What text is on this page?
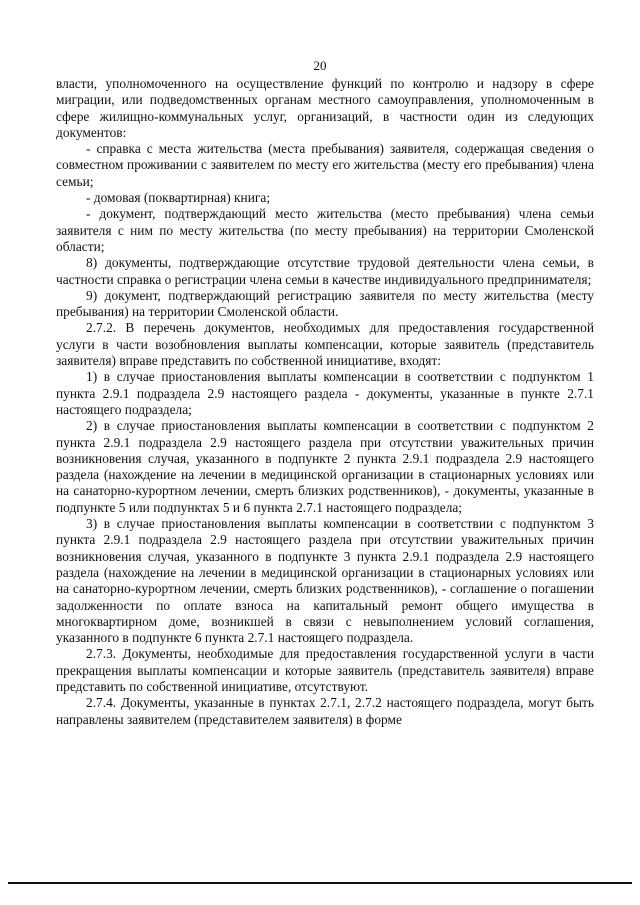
20

власти, уполномоченного на осуществление функций по контролю и надзору в сфере миграции, или подведомственных органам местного самоуправления, уполномоченным в сфере жилищно-коммунальных услуг, организаций, в частности один из следующих документов:

- справка с места жительства (места пребывания) заявителя, содержащая сведения о совместном проживании с заявителем по месту его жительства (месту его пребывания) члена семьи;

- домовая (поквартирная) книга;

- документ, подтверждающий место жительства (место пребывания) члена семьи заявителя с ним по месту жительства (по месту пребывания) на территории Смоленской области;

8) документы, подтверждающие отсутствие трудовой деятельности члена семьи, в частности справка о регистрации члена семьи в качестве индивидуального предпринимателя;

9) документ, подтверждающий регистрацию заявителя по месту жительства (месту пребывания) на территории Смоленской области.

2.7.2. В перечень документов, необходимых для предоставления государственной услуги в части возобновления выплаты компенсации, которые заявитель (представитель заявителя) вправе представить по собственной инициативе, входят:

1) в случае приостановления выплаты компенсации в соответствии с подпунктом 1 пункта 2.9.1 подраздела 2.9 настоящего раздела - документы, указанные в пункте 2.7.1 настоящего подраздела;

2) в случае приостановления выплаты компенсации в соответствии с подпунктом 2 пункта 2.9.1 подраздела 2.9 настоящего раздела при отсутствии уважительных причин возникновения случая, указанного в подпункте 2 пункта 2.9.1 подраздела 2.9 настоящего раздела (нахождение на лечении в медицинской организации в стационарных условиях или на санаторно-курортном лечении, смерть близких родственников), - документы, указанные в подпункте 5 или подпунктах 5 и 6 пункта 2.7.1 настоящего подраздела;

3) в случае приостановления выплаты компенсации в соответствии с подпунктом 3 пункта 2.9.1 подраздела 2.9 настоящего раздела при отсутствии уважительных причин возникновения случая, указанного в подпункте 3 пункта 2.9.1 подраздела 2.9 настоящего раздела (нахождение на лечении в медицинской организации в стационарных условиях или на санаторно-курортном лечении, смерть близких родственников), - соглашение о погашении задолженности по оплате взноса на капитальный ремонт общего имущества в многоквартирном доме, возникшей в связи с невыполнением условий соглашения, указанного в подпункте 6 пункта 2.7.1 настоящего подраздела.

2.7.3. Документы, необходимые для предоставления государственной услуги в части прекращения выплаты компенсации и которые заявитель (представитель заявителя) вправе представить по собственной инициативе, отсутствуют.

2.7.4. Документы, указанные в пунктах 2.7.1, 2.7.2 настоящего подраздела, могут быть направлены заявителем (представителем заявителя) в форме
